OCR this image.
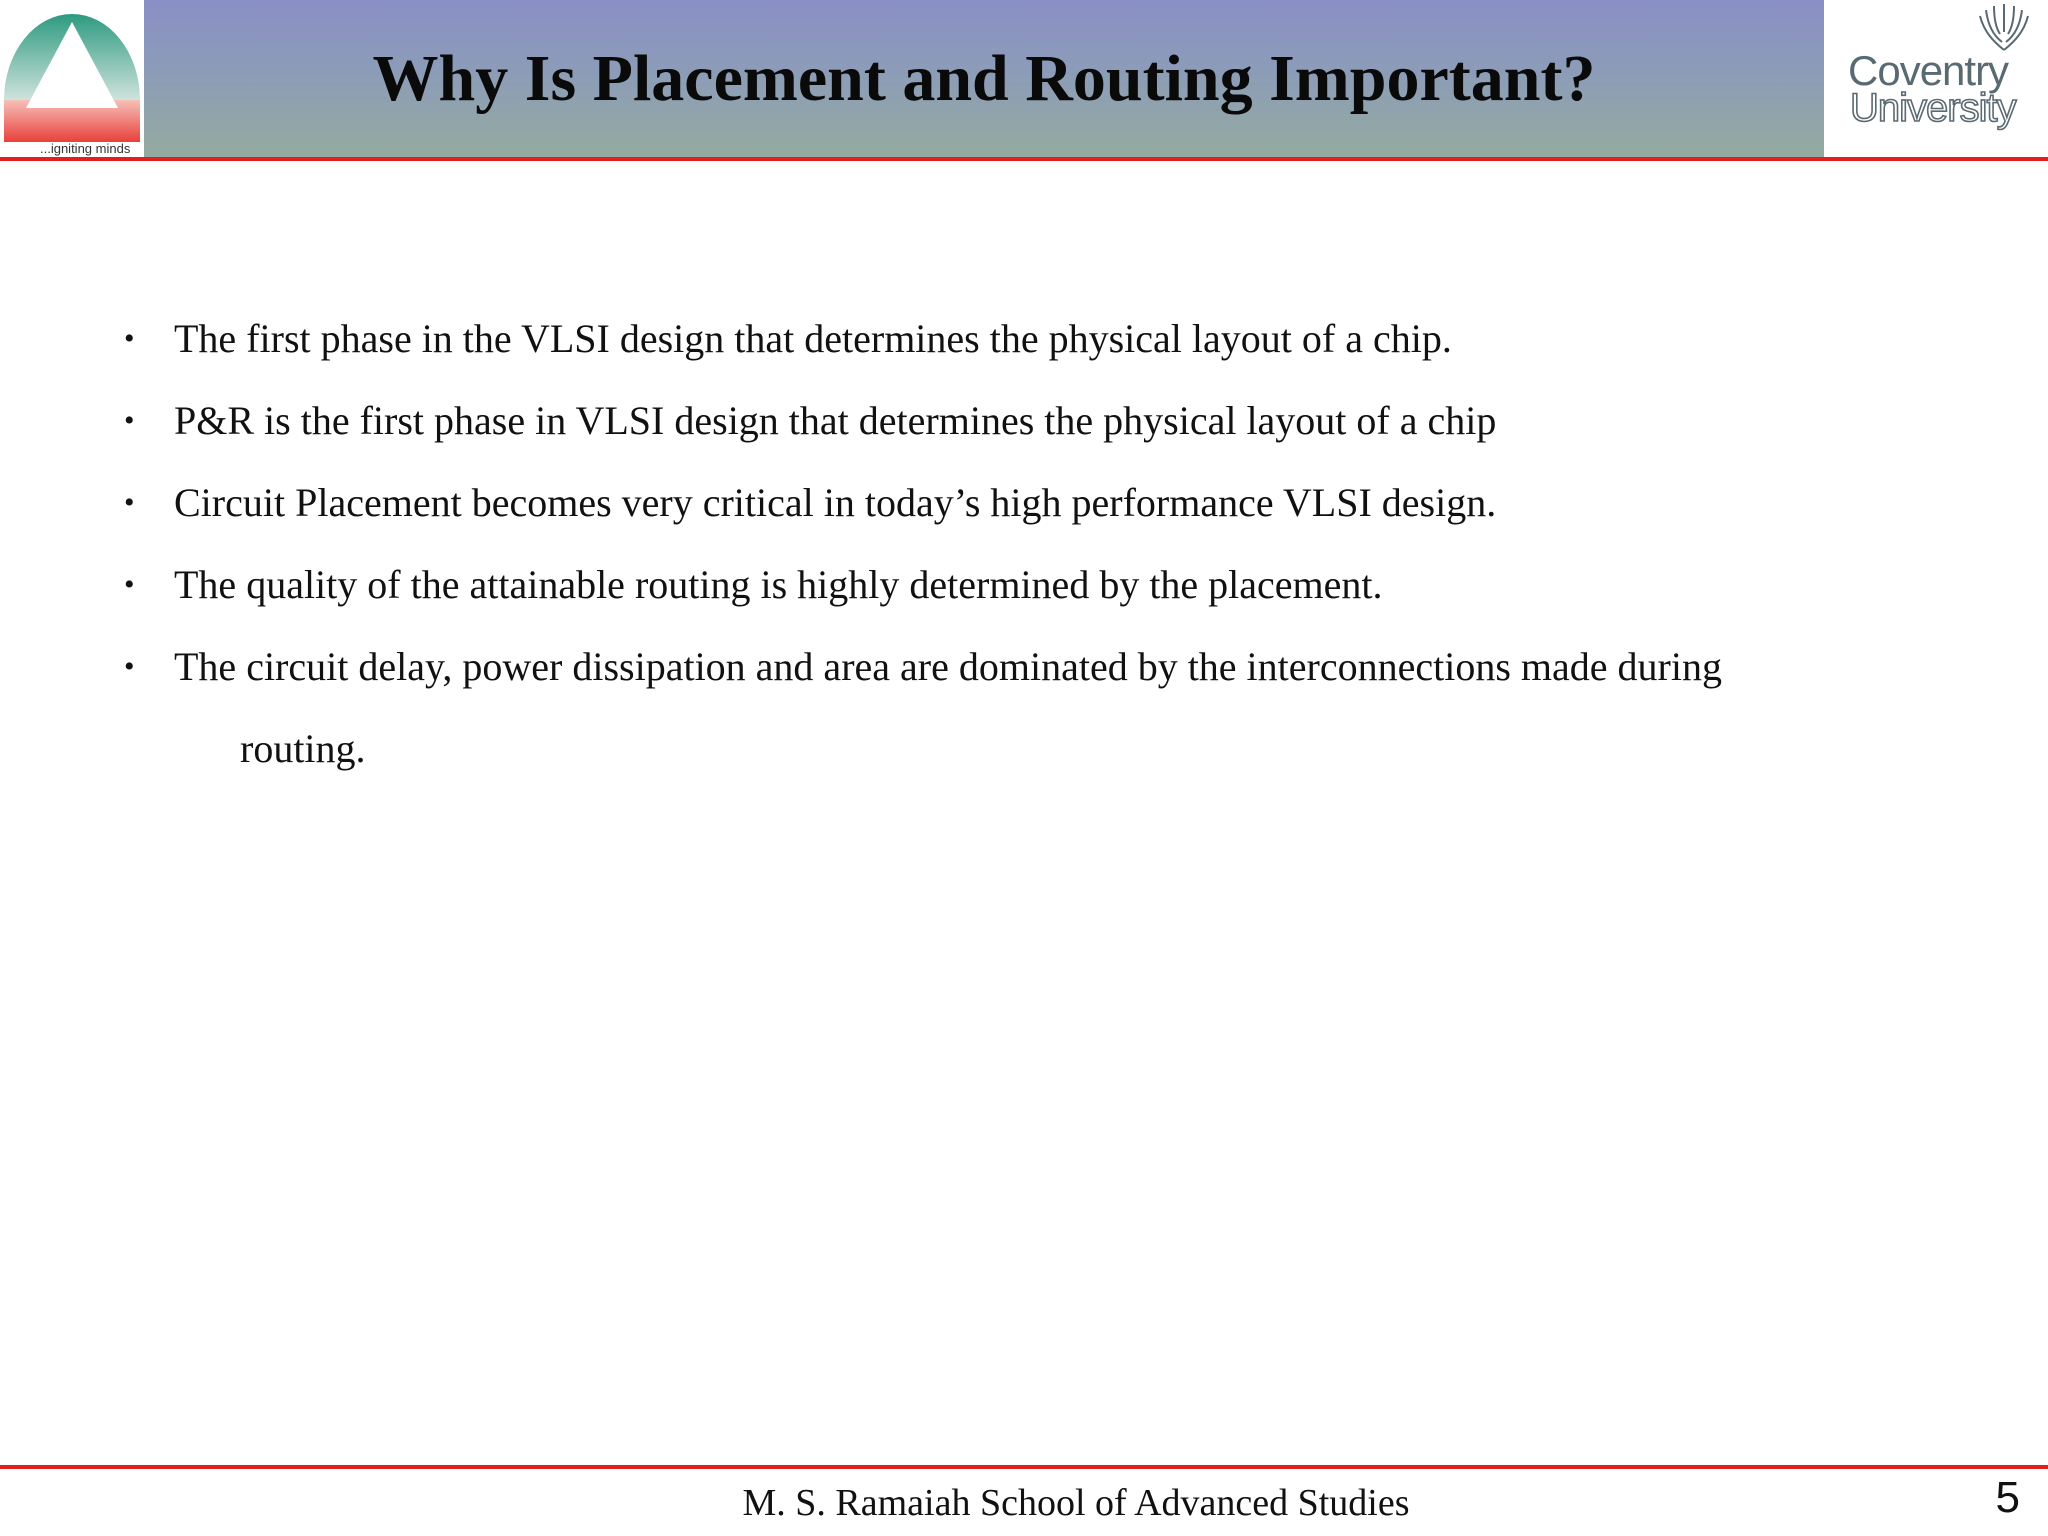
Why Is Placement and Routing Important?
...igniting minds
Coventry
University
• The first phase in the VLSI design that determines the physical layout of a chip.
• P&R is the first phase in VLSI design that determines the physical layout of a chip
• Circuit Placement becomes very critical in today’s high performance VLSI design.
• The quality of the attainable routing is highly determined by the placement.
• The circuit delay, power dissipation and area are dominated by the interconnections made during
routing.
M. S. Ramaiah School of Advanced Studies	5
